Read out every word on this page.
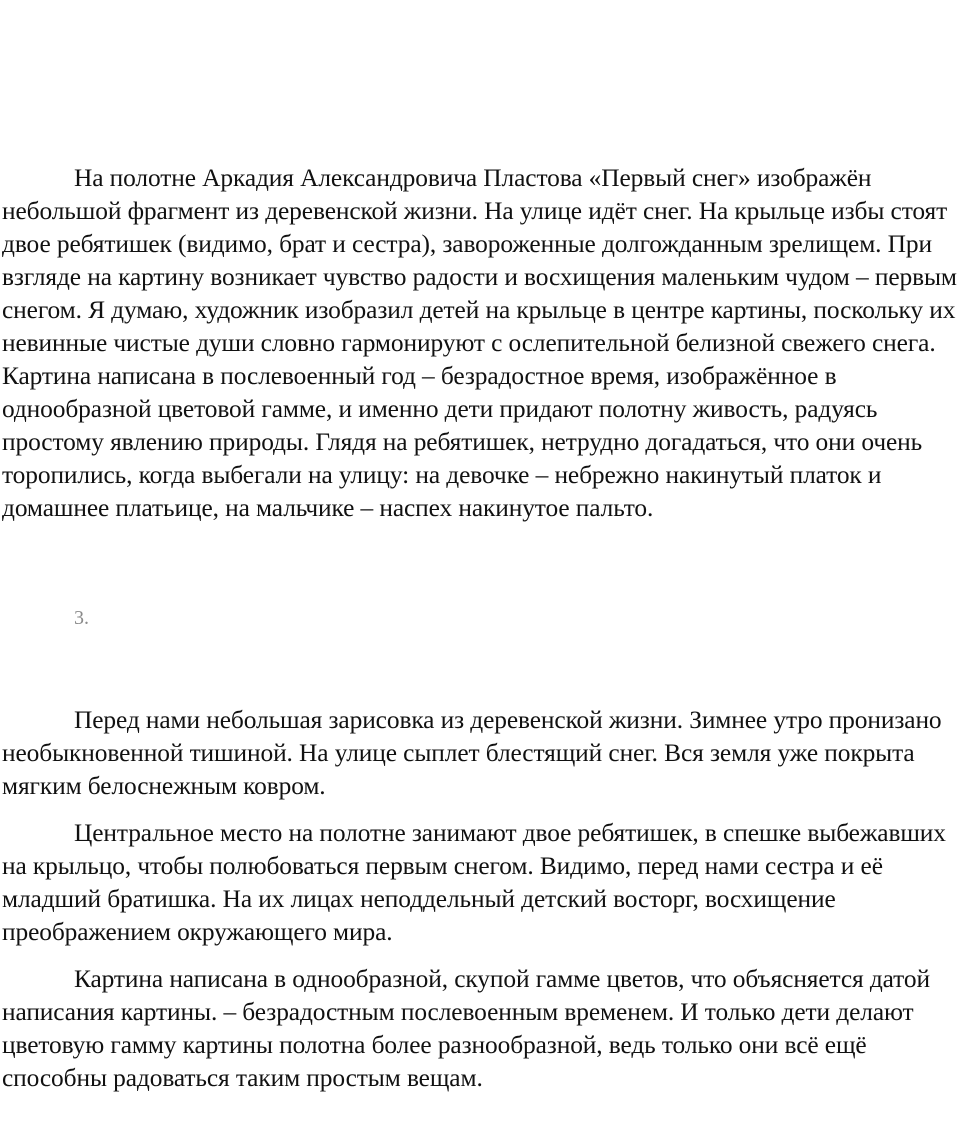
На полотне Аркадия Александровича Пластова «Первый снег» изображён небольшой фрагмент из деревенской жизни. На улице идёт снег. На крыльце избы стоят двое ребятишек (видимо, брат и сестра), завороженные долгожданным зрелищем. При взгляде на картину возникает чувство радости и восхищения маленьким чудом – первым снегом. Я думаю, художник изобразил детей на крыльце в центре картины, поскольку их невинные чистые души словно гармонируют с ослепительной белизной свежего снега. Картина написана в послевоенный год – безрадостное время, изображённое в однообразной цветовой гамме, и именно дети придают полотну живость, радуясь простому явлению природы. Глядя на ребятишек, нетрудно догадаться, что они очень торопились, когда выбегали на улицу: на девочке – небрежно накинутый платок и домашнее платьице, на мальчике – наспех накинутое пальто.

3.

Перед нами небольшая зарисовка из деревенской жизни. Зимнее утро пронизано необыкновенной тишиной. На улице сыплет блестящий снег. Вся земля уже покрыта мягким белоснежным ковром.

Центральное место на полотне занимают двое ребятишек, в спешке выбежавших на крыльцо, чтобы полюбоваться первым снегом. Видимо, перед нами сестра и её младший братишка. На их лицах неподдельный детский восторг, восхищение преображением окружающего мира.

Картина написана в однообразной, скупой гамме цветов, что объясняется датой написания картины. – безрадостным послевоенным временем. И только дети делают цветовую гамму картины полотна более разнообразной, ведь только они всё ещё способны радоваться таким простым вещам.
